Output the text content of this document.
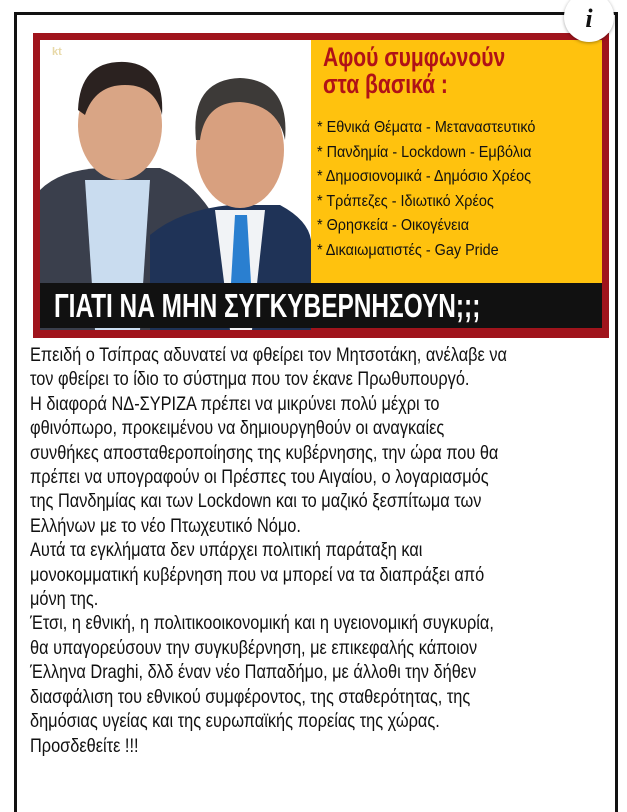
kt	Αφού συμφωνούν
στα βασικά :
* Εθνικά Θέματα - Μεταναστευτικό
* Πανδημία - Lockdown - Εμβόλια
* Δημοσιονομικά - Δημόσιο Χρέος
* Τράπεζες - Ιδιωτικό Χρέος
* Θρησκεία - Οικογένεια
* Δικαιωματιστές - Gay Pride
ΓΙΑΤΙ ΝΑ ΜΗΝ ΣΥΓΚΥΒΕΡΝΗΣΟΥΝ;;;
i
Επειδή ο Τσίπρας αδυνατεί να φθείρει τον Μητσοτάκη, ανέλαβε να
τον φθείρει το ίδιο το σύστημα που τον έκανε Πρωθυπουργό.
Η διαφορά ΝΔ-ΣΥΡΙΖΑ πρέπει να μικρύνει πολύ μέχρι το
φθινόπωρο, προκειμένου να δημιουργηθούν οι αναγκαίες
συνθήκες αποσταθεροποίησης της κυβέρνησης, την ώρα που θα
πρέπει να υπογραφούν οι Πρέσπες του Αιγαίου, ο λογαριασμός
της Πανδημίας και των Lockdown και το μαζικό ξεσπίτωμα των
Ελλήνων με το νέο Πτωχευτικό Νόμο.
Αυτά τα εγκλήματα δεν υπάρχει πολιτική παράταξη και
μονοκομματική κυβέρνηση που να μπορεί να τα διαπράξει από
μόνη της.
Έτσι, η εθνική, η πολιτικοοικονομική και η υγειονομική συγκυρία,
θα υπαγορεύσουν την συγκυβέρνηση, με επικεφαλής κάποιον
Έλληνα Draghi, δλδ έναν νέο Παπαδήμο, με άλλοθι την δήθεν
διασφάλιση του εθνικού συμφέροντος, της σταθερότητας, της
δημόσιας υγείας και της ευρωπαϊκής πορείας της χώρας.
Προσδεθείτε !!!
